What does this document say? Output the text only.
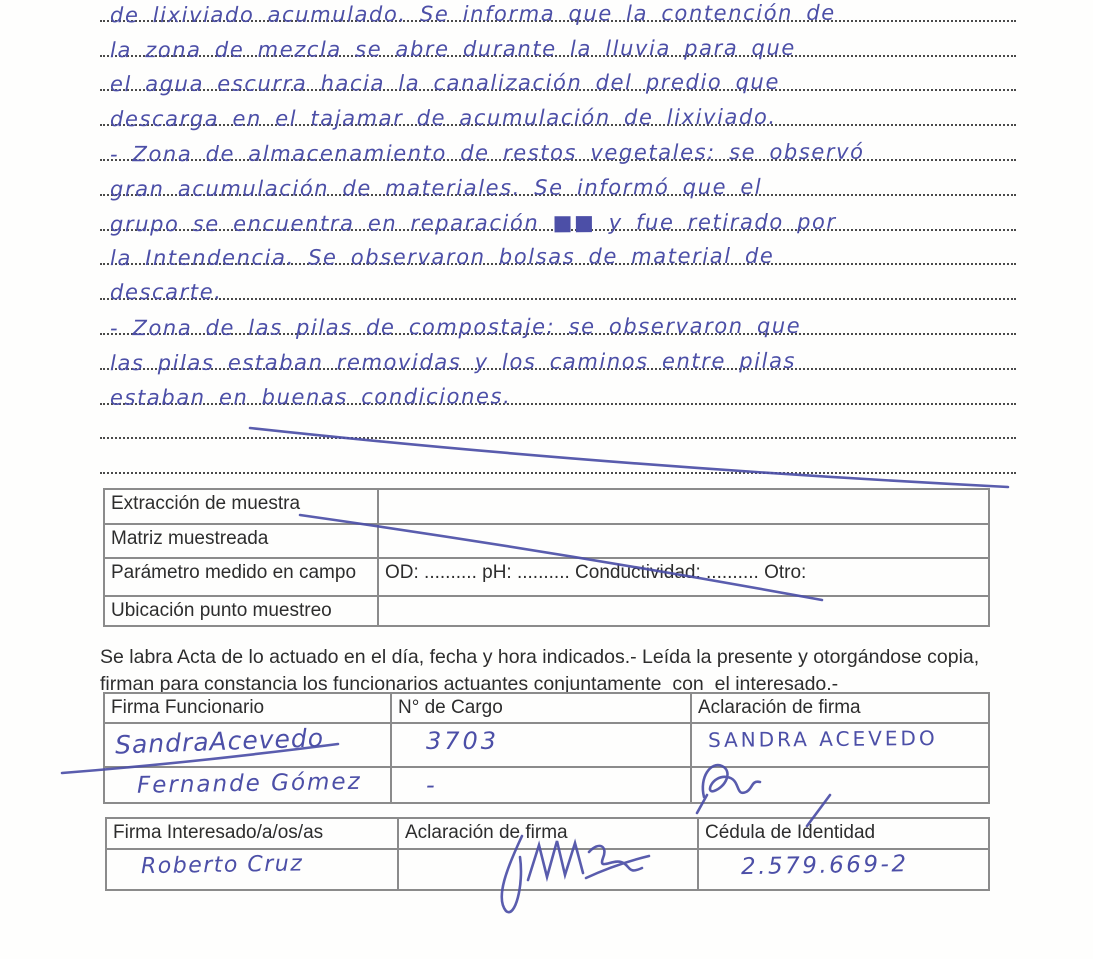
de lixiviado acumulado. Se informa que la contención de
la zona de mezcla se abre durante la lluvia para que
el agua escurra hacia la canalización del predio que
descarga en el tajamar de acumulación de lixiviado.
- Zona de almacenamiento de restos vegetales: se observó
gran acumulación de materiales. Se informó que el
grupo se encuentra en reparación ■■ y fue retirado por
la Intendencia. Se observaron bolsas de material de
descarte.
- Zona de las pilas de compostaje: se observaron que
las pilas estaban removidas y los caminos entre pilas
estaban en buenas condiciones.
Extracción de muestra	
Matriz muestreada	
Parámetro medido en campo	OD: .......... pH: .......... Conductividad: .......... Otro:
Ubicación punto muestreo	
Se labra Acta de lo actuado en el día, fecha y hora indicados.- Leída la presente y otorgándose copia, firman para constancia los funcionarios actuantes conjuntamente  con  el interesado.-
Firma Funcionario	N° de Cargo	Aclaración de firma
SandraAcevedo	3703	SANDRA ACEVEDO
Fernande Gómez	-	
Firma Interesado/a/os/as	Aclaración de firma	Cédula de Identidad
Roberto Cruz		2.579.669-2
